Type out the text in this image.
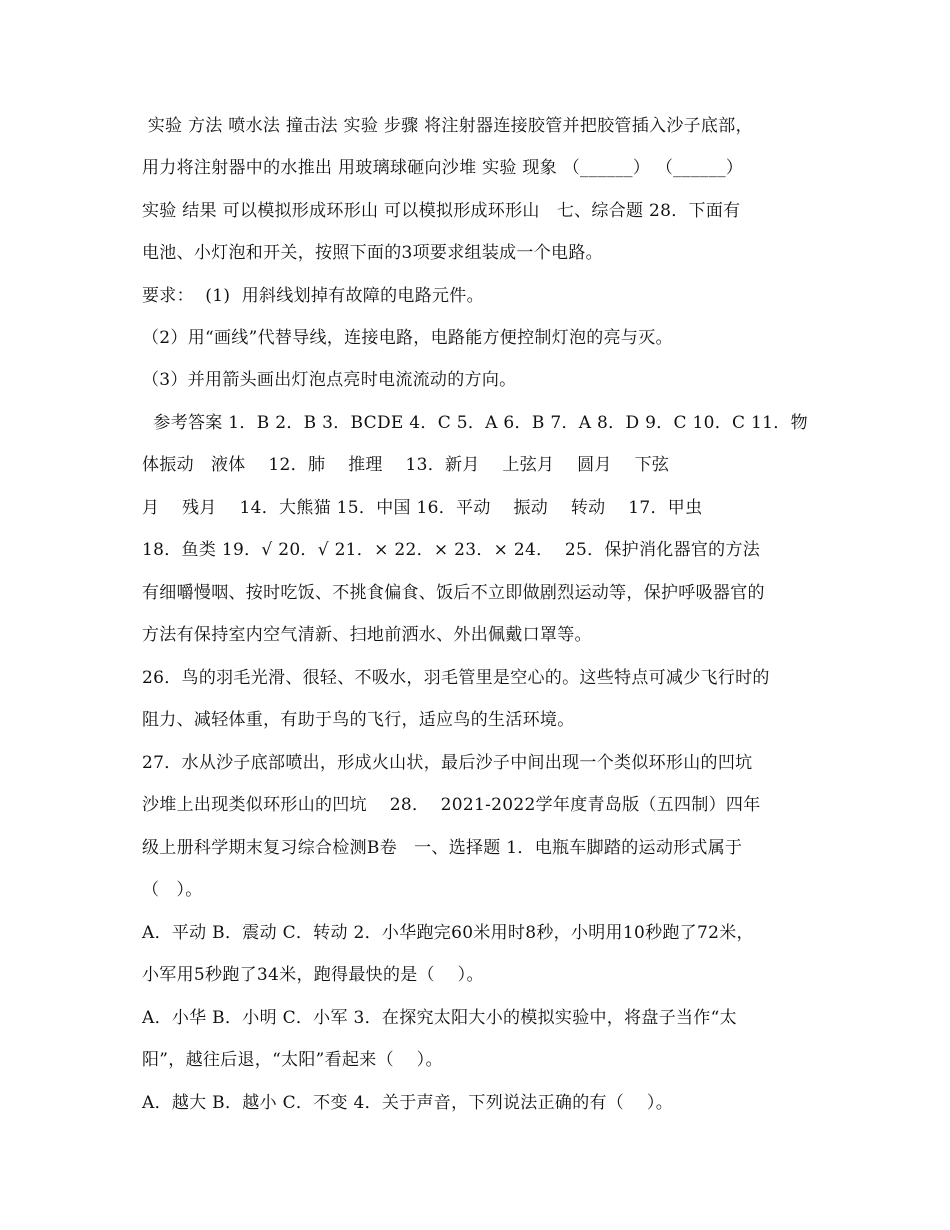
实验 方法 喷水法 撞击法 实验 步骤 将注射器连接胶管并把胶管插入沙子底部，
用力将注射器中的水推出 用玻璃球砸向沙堆 实验 现象 （______） （______）
实验 结果 可以模拟形成环形山 可以模拟形成环形山   七、综合题 28．下面有
电池、小灯泡和开关，按照下面的3项要求组装成一个电路。
要求：  (1)  用斜线划掉有故障的电路元件。
（2）用“画线”代替导线，连接电路，电路能方便控制灯泡的亮与灭。
（3）并用箭头画出灯泡点亮时电流流动的方向。
参考答案 1．B 2．B 3．BCDE 4．C 5．A 6．B 7．A 8．D 9．C 10．C 11．物
体振动   液体    12．肺    推理    13．新月    上弦月    圆月    下弦
月    残月    14．大熊猫 15．中国 16．平动    振动    转动    17．甲虫
18．鱼类 19．√ 20．√ 21．× 22．× 23．× 24．  25．保护消化器官的方法
有细嚼慢咽、按时吃饭、不挑食偏食、饭后不立即做剧烈运动等，保护呼吸器官的
方法有保持室内空气清新、扫地前洒水、外出佩戴口罩等。
26．鸟的羽毛光滑、很轻、不吸水，羽毛管里是空心的。这些特点可减少飞行时的
阻力、减轻体重，有助于鸟的飞行，适应鸟的生活环境。
27．水从沙子底部喷出，形成火山状，最后沙子中间出现一个类似环形山的凹坑
沙堆上出现类似环形山的凹坑    28．  2021-2022学年度青岛版（五四制）四年
级上册科学期末复习综合检测B卷   一、选择题 1．电瓶车脚踏的运动形式属于
（   ）。
A．平动 B．震动 C．转动 2．小华跑完60米用时8秒，小明用10秒跑了72米，
小军用5秒跑了34米，跑得最快的是（    ）。
A．小华 B．小明 C．小军 3．在探究太阳大小的模拟实验中，将盘子当作“太
阳”，越往后退，“太阳”看起来（    ）。
A．越大 B．越小 C．不变 4．关于声音，下列说法正确的有（    ）。
